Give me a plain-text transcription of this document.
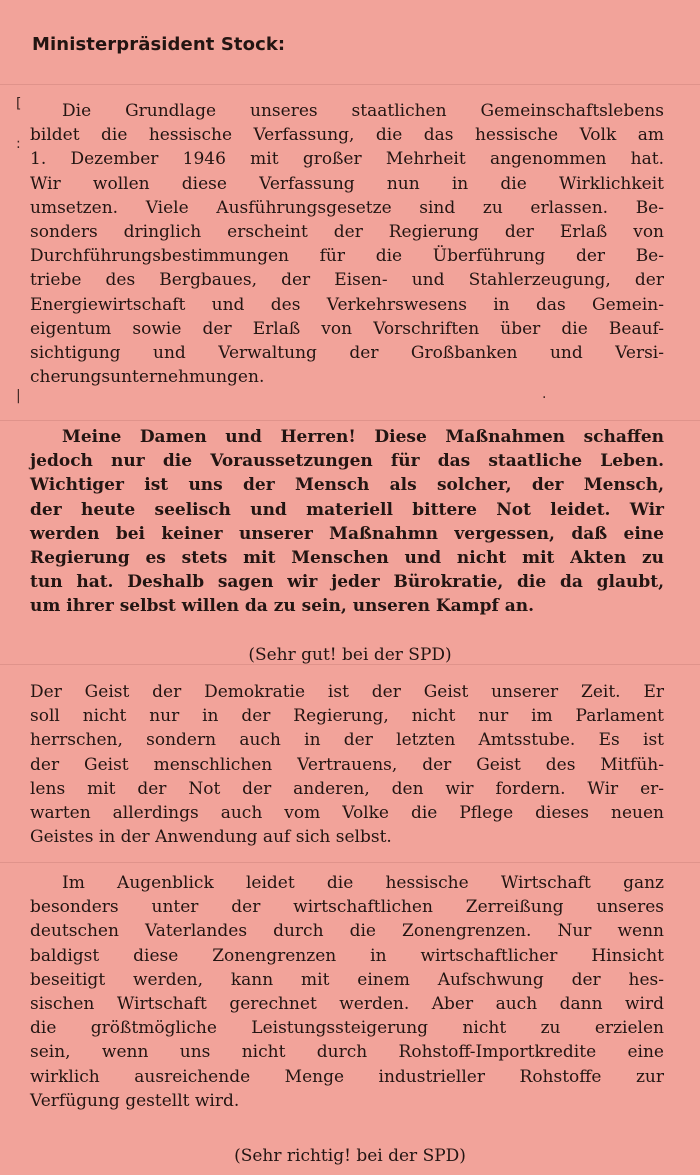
Ministerpräsident Stock:
Die Grundlage unseres staatlichen Gemeinschaftslebens
bildet die hessische Verfassung, die das hessische Volk am
1. Dezember 1946 mit großer Mehrheit angenommen hat.
Wir wollen diese Verfassung nun in die Wirklichkeit
umsetzen. Viele Ausführungsgesetze sind zu erlassen. Be-
sonders dringlich erscheint der Regierung der Erlaß von
Durchführungsbestimmungen für die Überführung der Be-
triebe des Bergbaues, der Eisen- und Stahlerzeugung, der
Energiewirtschaft und des Verkehrswesens in das Gemein-
eigentum sowie der Erlaß von Vorschriften über die Beauf-
sichtigung und Verwaltung der Großbanken und Versi-
cherungsunternehmungen.
Meine Damen und Herren! Diese Maßnahmen schaffen
jedoch nur die Voraussetzungen für das staatliche Leben.
Wichtiger ist uns der Mensch als solcher, der Mensch,
der heute seelisch und materiell bittere Not leidet. Wir
werden bei keiner unserer Maßnahmn vergessen, daß eine
Regierung es stets mit Menschen und nicht mit Akten zu
tun hat. Deshalb sagen wir jeder Bürokratie, die da glaubt,
um ihrer selbst willen da zu sein, unseren Kampf an.

(Sehr gut! bei der SPD)

Der Geist der Demokratie ist der Geist unserer Zeit. Er
soll nicht nur in der Regierung, nicht nur im Parlament
herrschen, sondern auch in der letzten Amtsstube. Es ist
der Geist menschlichen Vertrauens, der Geist des Mitfüh-
lens mit der Not der anderen, den wir fordern. Wir er-
warten allerdings auch vom Volke die Pflege dieses neuen
Geistes in der Anwendung auf sich selbst.
Im Augenblick leidet die hessische Wirtschaft ganz
besonders unter der wirtschaftlichen Zerreißung unseres
deutschen Vaterlandes durch die Zonengrenzen. Nur wenn
baldigst diese Zonengrenzen in wirtschaftlicher Hinsicht
beseitigt werden, kann mit einem Aufschwung der hes-
sischen Wirtschaft gerechnet werden. Aber auch dann wird
die größtmögliche Leistungssteigerung nicht zu erzielen
sein, wenn uns nicht durch Rohstoff-Importkredite eine
wirklich ausreichende Menge industrieller Rohstoffe zur
Verfügung gestellt wird.

(Sehr richtig! bei der SPD)

[
:
|	·
